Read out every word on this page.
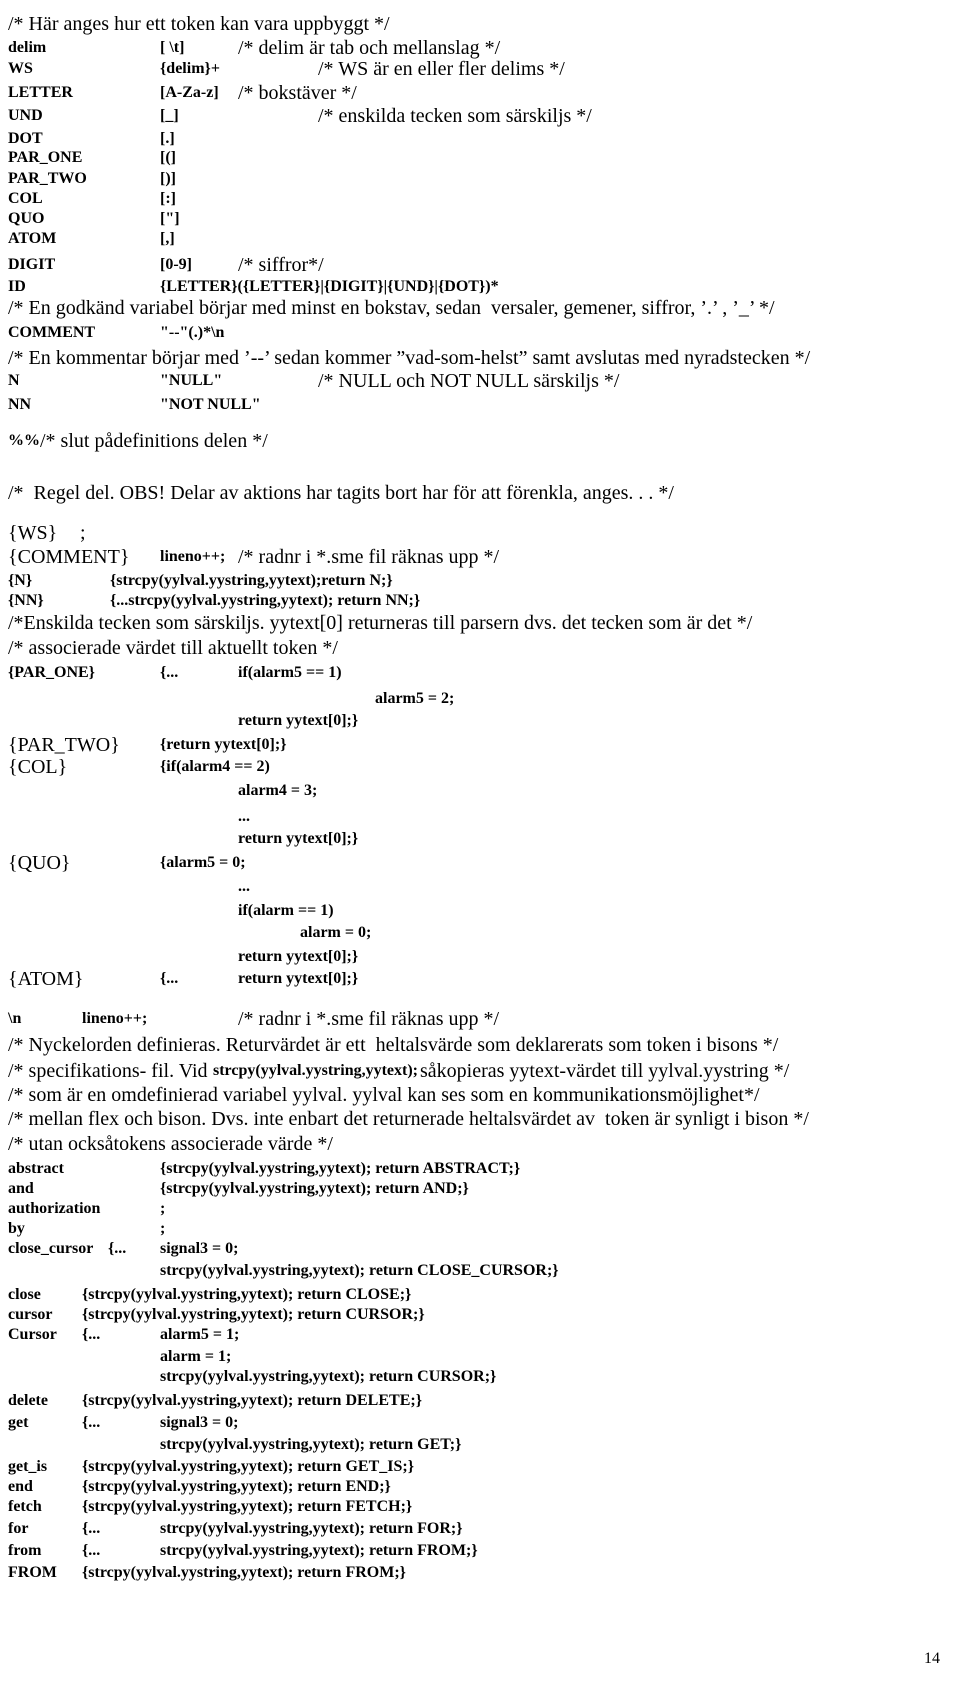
/* Här anges hur ett token kan vara uppbyggt */
delim	[ \t]	/* delim är tab och mellanslag */
WS	{delim}+	/* WS är en eller fler delims */
LETTER	[A-Za-z] /* bokstäver */
UND	[_]	/* enskilda tecken som särskiljs */
DOT	[.]
PAR_ONE	[(]
PAR_TWO	[)]
COL	[:]
QUO	["]
ATOM	[,]
DIGIT	[0-9] /* siffror*/
ID	{LETTER}({LETTER}|{DIGIT}|{UND}|{DOT})*
/* En godkänd variabel börjar med minst en bokstav, sedan  versaler, gemener, siffror, ’.’ , ’_’ */
COMMENT	"--"(.)*\n
/* En kommentar börjar med ’--’ sedan kommer ”vad-som-helst” samt avslutas med nyradstecken */
N	"NULL"	/* NULL och NOT NULL särskiljs */
NN	"NOT NULL"
%% /* slut pådefinitions delen */
/*  Regel del. OBS! Delar av aktions har tagits bort har för att förenkla, anges. . . */
{WS} ;
{COMMENT} lineno++; /* radnr i *.sme fil räknas upp */
{N}	{strcpy(yylval.yystring,yytext);return N;}
{NN}	{...strcpy(yylval.yystring,yytext); return NN;}
/*Enskilda tecken som särskiljs. yytext[0] returneras till parsern dvs. det tecken som är det */
/* associerade värdet till aktuellt token */
{PAR_ONE}	{...	if(alarm5 == 1)
alarm5 = 2;
return yytext[0];}
{PAR_TWO}	{return yytext[0];}
{COL}	{if(alarm4 == 2)
alarm4 = 3;
...
return yytext[0];}
{QUO}	{alarm5 = 0;
...
if(alarm == 1)
alarm = 0;
return yytext[0];}
{ATOM}	{...	return yytext[0];}
\n	lineno++;	/* radnr i *.sme fil räknas upp */
/* Nyckelorden definieras. Returvärdet är ett  heltalsvärde som deklarerats som token i bisons */
/* specifikations- fil. Vid strcpy(yylval.yystring,yytext); såkopieras yytext-värdet till yylval.yystring */
/* som är en omdefinierad variabel yylval. yylval kan ses som en kommunikationsmöjlighet*/
/* mellan flex och bison. Dvs. inte enbart det returnerade heltalsvärdet av  token är synligt i bison */
/* utan ocksåtokens associerade värde */
abstract	{strcpy(yylval.yystring,yytext); return ABSTRACT;}
and	{strcpy(yylval.yystring,yytext); return AND;}
authorization	;
by	;
close_cursor {... signal3 = 0;
strcpy(yylval.yystring,yytext); return CLOSE_CURSOR;}
close	{strcpy(yylval.yystring,yytext); return CLOSE;}
cursor {strcpy(yylval.yystring,yytext); return CURSOR;}
Cursor {...	alarm5 = 1;
alarm = 1;
strcpy(yylval.yystring,yytext); return CURSOR;}
delete {strcpy(yylval.yystring,yytext); return DELETE;}
get	{...	signal3 = 0;
strcpy(yylval.yystring,yytext); return GET;}
get_is {strcpy(yylval.yystring,yytext); return GET_IS;}
end	{strcpy(yylval.yystring,yytext); return END;}
fetch	{strcpy(yylval.yystring,yytext); return FETCH;}
for	{...	strcpy(yylval.yystring,yytext); return FOR;}
from	{...	strcpy(yylval.yystring,yytext); return FROM;}
FROM {strcpy(yylval.yystring,yytext); return FROM;}
14
